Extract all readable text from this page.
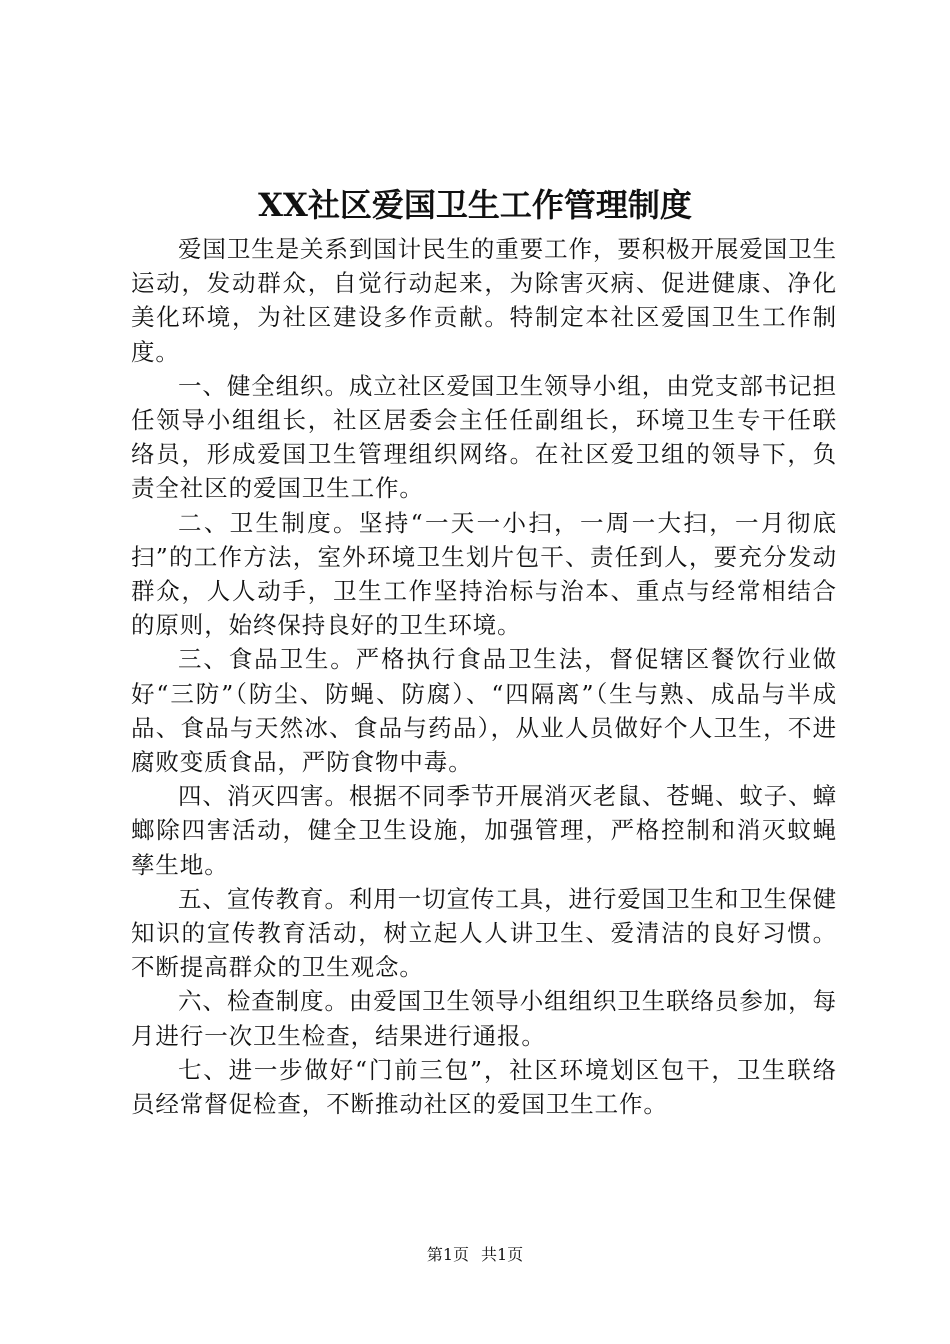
XX社区爱国卫生工作管理制度

爱国卫生是关系到国计民生的重要工作，要积极开展爱国卫生运动，发动群众，自觉行动起来，为除害灭病、促进健康、净化美化环境，为社区建设多作贡献。特制定本社区爱国卫生工作制度。

一、健全组织。成立社区爱国卫生领导小组，由党支部书记担任领导小组组长，社区居委会主任任副组长，环境卫生专干任联络员，形成爱国卫生管理组织网络。在社区爱卫组的领导下，负责全社区的爱国卫生工作。

二、卫生制度。坚持“一天一小扫，一周一大扫，一月彻底扫”的工作方法，室外环境卫生划片包干、责任到人，要充分发动群众，人人动手，卫生工作坚持治标与治本、重点与经常相结合的原则，始终保持良好的卫生环境。

三、食品卫生。严格执行食品卫生法，督促辖区餐饮行业做好“三防”（防尘、防蝇、防腐）、“四隔离”（生与熟、成品与半成品、食品与天然冰、食品与药品），从业人员做好个人卫生，不进腐败变质食品，严防食物中毒。

四、消灭四害。根据不同季节开展消灭老鼠、苍蝇、蚊子、蟑螂除四害活动，健全卫生设施，加强管理，严格控制和消灭蚊蝇孳生地。

五、宣传教育。利用一切宣传工具，进行爱国卫生和卫生保健知识的宣传教育活动，树立起人人讲卫生、爱清洁的良好习惯。不断提高群众的卫生观念。

六、检查制度。由爱国卫生领导小组组织卫生联络员参加，每月进行一次卫生检查，结果进行通报。

七、进一步做好“门前三包”，社区环境划区包干，卫生联络员经常督促检查，不断推动社区的爱国卫生工作。

第1页 共1页
